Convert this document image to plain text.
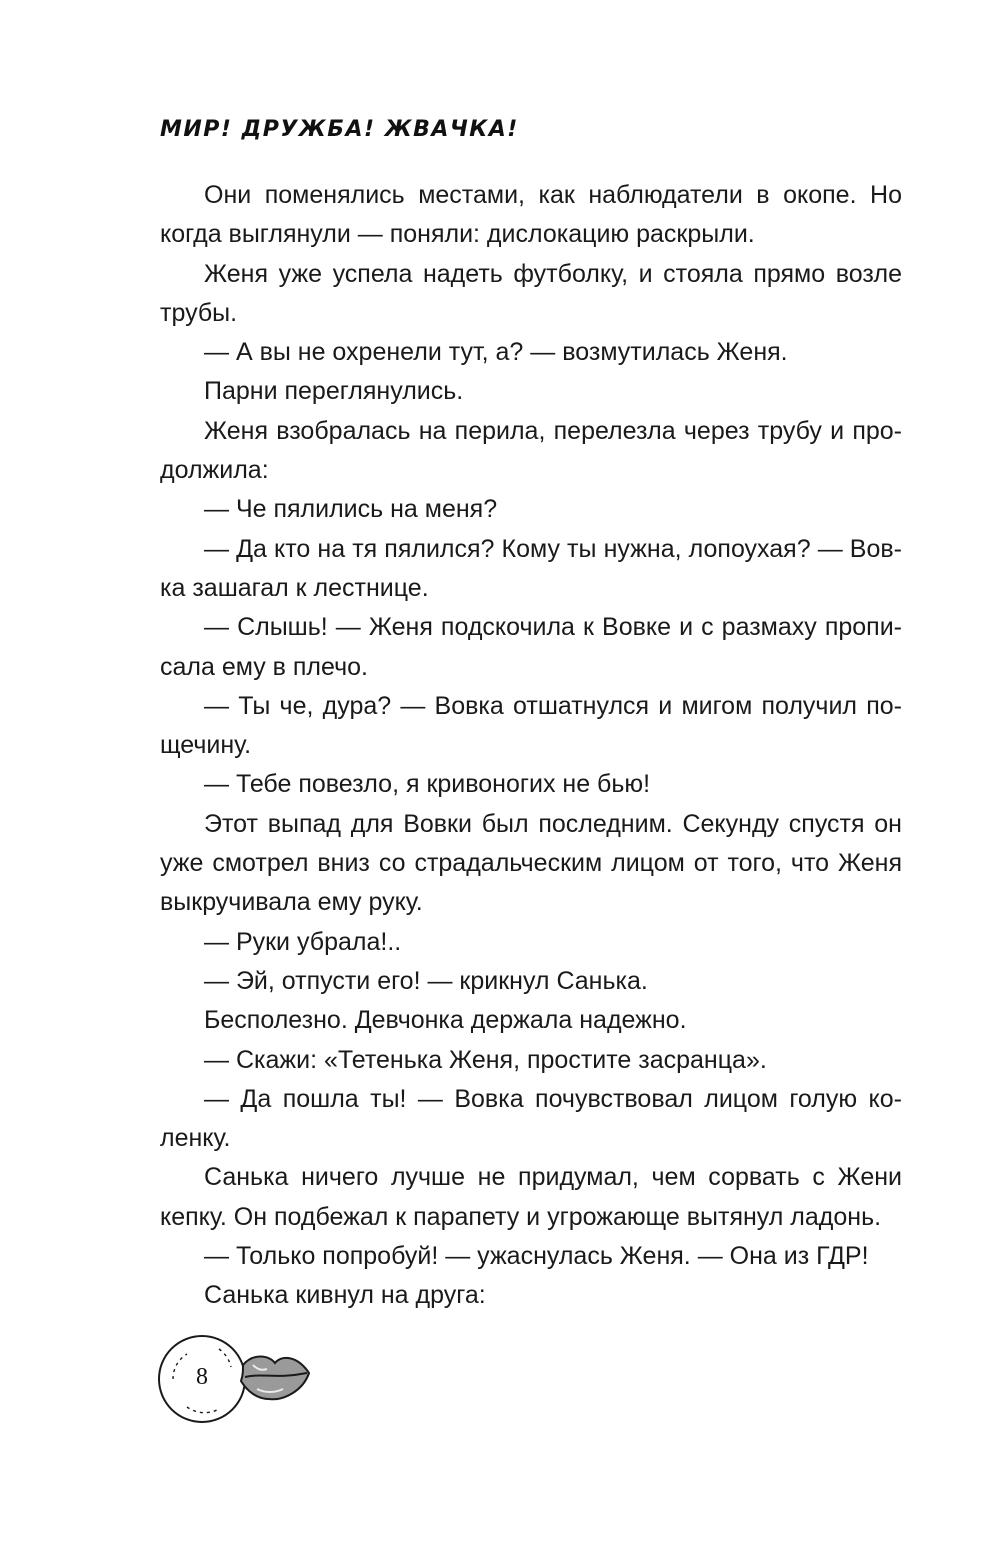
МИР! ДРУЖБА! ЖВАЧКА!

Они поменялись местами, как наблюдатели в окопе. Но когда выглянули — поняли: дислокацию раскрыли.

Женя уже успела надеть футболку, и стояла прямо возле трубы.

— А вы не охренели тут, а? — возмутилась Женя.

Парни переглянулись.

Женя взобралась на перила, перелезла через трубу и продолжила:

— Че пялились на меня?

— Да кто на тя пялился? Кому ты нужна, лопоухая? — Вовка зашагал к лестнице.

— Слышь! — Женя подскочила к Вовке и с размаху прописала ему в плечо.

— Ты че, дура? — Вовка отшатнулся и мигом получил пощечину.

— Тебе повезло, я кривоногих не бью!

Этот выпад для Вовки был последним. Секунду спустя он уже смотрел вниз со страдальческим лицом от того, что Женя выкручивала ему руку.

— Руки убрала!..

— Эй, отпусти его! — крикнул Санька.

Бесполезно. Девчонка держала надежно.

— Скажи: «Тетенька Женя, простите засранца».

— Да пошла ты! — Вовка почувствовал лицом голую коленку.

Санька ничего лучше не придумал, чем сорвать с Жени кепку. Он подбежал к парапету и угрожающе вытянул ладонь.

— Только попробуй! — ужаснулась Женя. — Она из ГДР!

Санька кивнул на друга:

8
